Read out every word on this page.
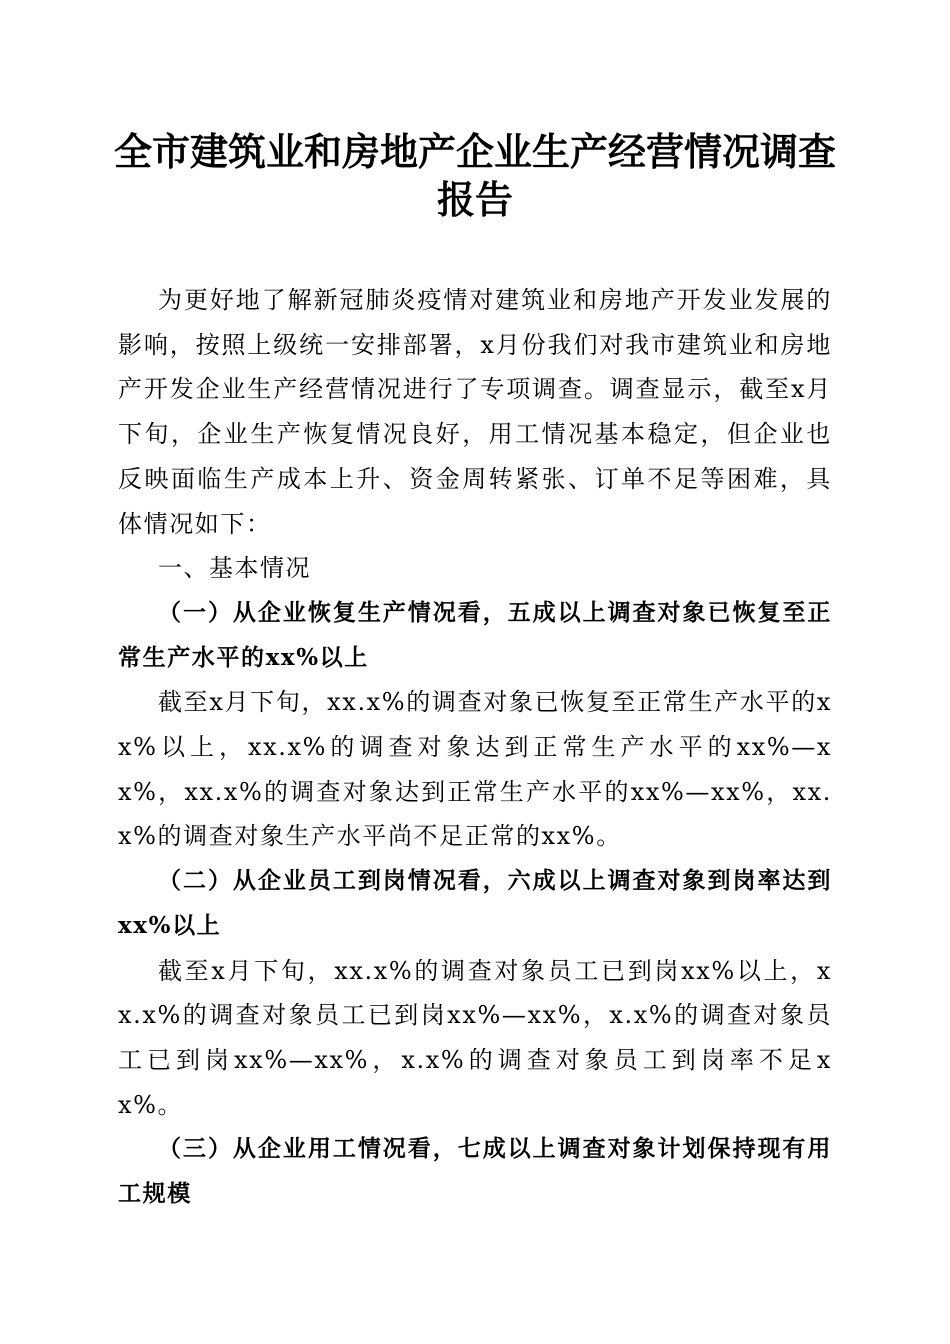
全市建筑业和房地产企业生产经营情况调查报告

为更好地了解新冠肺炎疫情对建筑业和房地产开发业发展的影响，按照上级统一安排部署，x月份我们对我市建筑业和房地产开发企业生产经营情况进行了专项调查。调查显示，截至x月下旬，企业生产恢复情况良好，用工情况基本稳定，但企业也反映面临生产成本上升、资金周转紧张、订单不足等困难，具体情况如下：

一、基本情况

（一）从企业恢复生产情况看，五成以上调查对象已恢复至正常生产水平的xx%以上

截至x月下旬，xx.x%的调查对象已恢复至正常生产水平的xx%以上，xx.x%的调查对象达到正常生产水平的xx%—xx%，xx.x%的调查对象达到正常生产水平的xx%—xx%，xx.x%的调查对象生产水平尚不足正常的xx%。

（二）从企业员工到岗情况看，六成以上调查对象到岗率达到xx%以上

截至x月下旬，xx.x%的调查对象员工已到岗xx%以上，xx.x%的调查对象员工已到岗xx%—xx%，x.x%的调查对象员工已到岗xx%—xx%，x.x%的调查对象员工到岗率不足xx%。

（三）从企业用工情况看，七成以上调查对象计划保持现有用工规模
